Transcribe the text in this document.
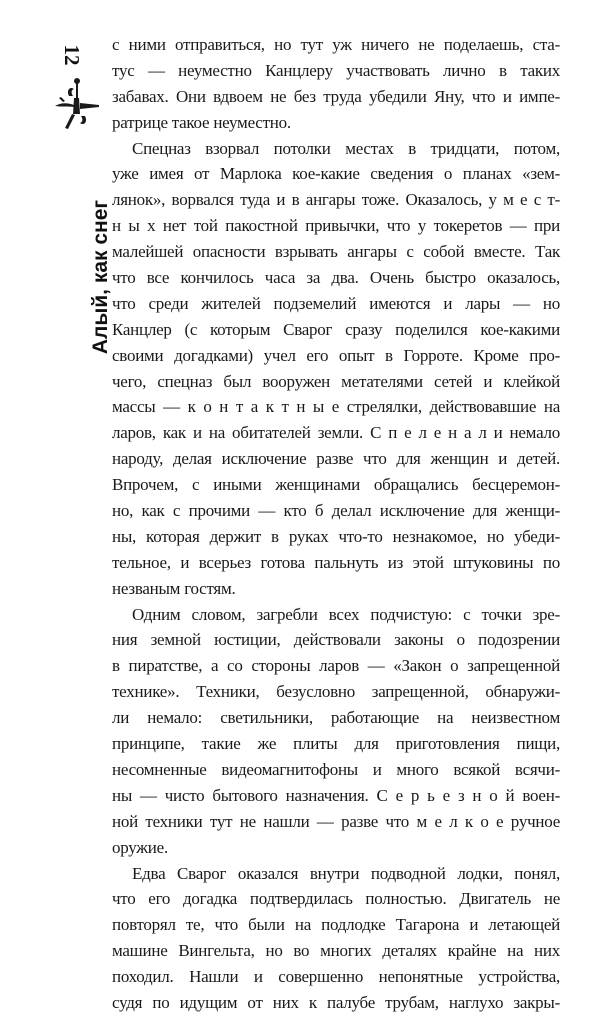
12
Алый, как снег
с ними отправиться, но тут уж ничего не поделаешь, ста-
тус — неуместно Канцлеру участвовать лично в таких
забавах. Они вдвоем не без труда убедили Яну, что и импе-
ратрице такое неуместно.
Спецназ взорвал потолки местах в тридцати, потом,
уже имея от Марлока кое-какие сведения о планах «зем-
лянок», ворвался туда и в ангары тоже. Оказалось, у м е с т-
н ы х нет той пакостной привычки, что у токеретов — при
малейшей опасности взрывать ангары с собой вместе. Так
что все кончилось часа за два. Очень быстро оказалось,
что среди жителей подземелий имеются и лары — но
Канцлер (с которым Сварог сразу поделился кое-какими
своими догадками) учел его опыт в Горроте. Кроме про-
чего, спецназ был вооружен метателями сетей и клейкой
массы — к о н т а к т н ы е стрелялки, действовавшие на
ларов, как и на обитателей земли. С п е л е н а л и немало
народу, делая исключение разве что для женщин и детей.
Впрочем, с иными женщинами обращались бесцеремон-
но, как с прочими — кто б делал исключение для женщи-
ны, которая держит в руках что-то незнакомое, но убеди-
тельное, и всерьез готова пальнуть из этой штуковины по
незваным гостям.
Одним словом, загребли всех подчистую: с точки зре-
ния земной юстиции, действовали законы о подозрении
в пиратстве, а со стороны ларов — «Закон о запрещенной
технике». Техники, безусловно запрещенной, обнаружи-
ли немало: светильники, работающие на неизвестном
принципе, такие же плиты для приготовления пищи,
несомненные видеомагнитофоны и много всякой всячи-
ны — чисто бытового назначения. С е р ь е з н о й воен-
ной техники тут не нашли — разве что м е л к о е ручное
оружие.
Едва Сварог оказался внутри подводной лодки, понял,
что его догадка подтвердилась полностью. Двигатель не
повторял те, что были на подлодке Тагарона и летающей
машине Вингельта, но во многих деталях крайне на них
походил. Нашли и совершенно непонятные устройства,
судя по идущим от них к палубе трубам, наглухо закры-
